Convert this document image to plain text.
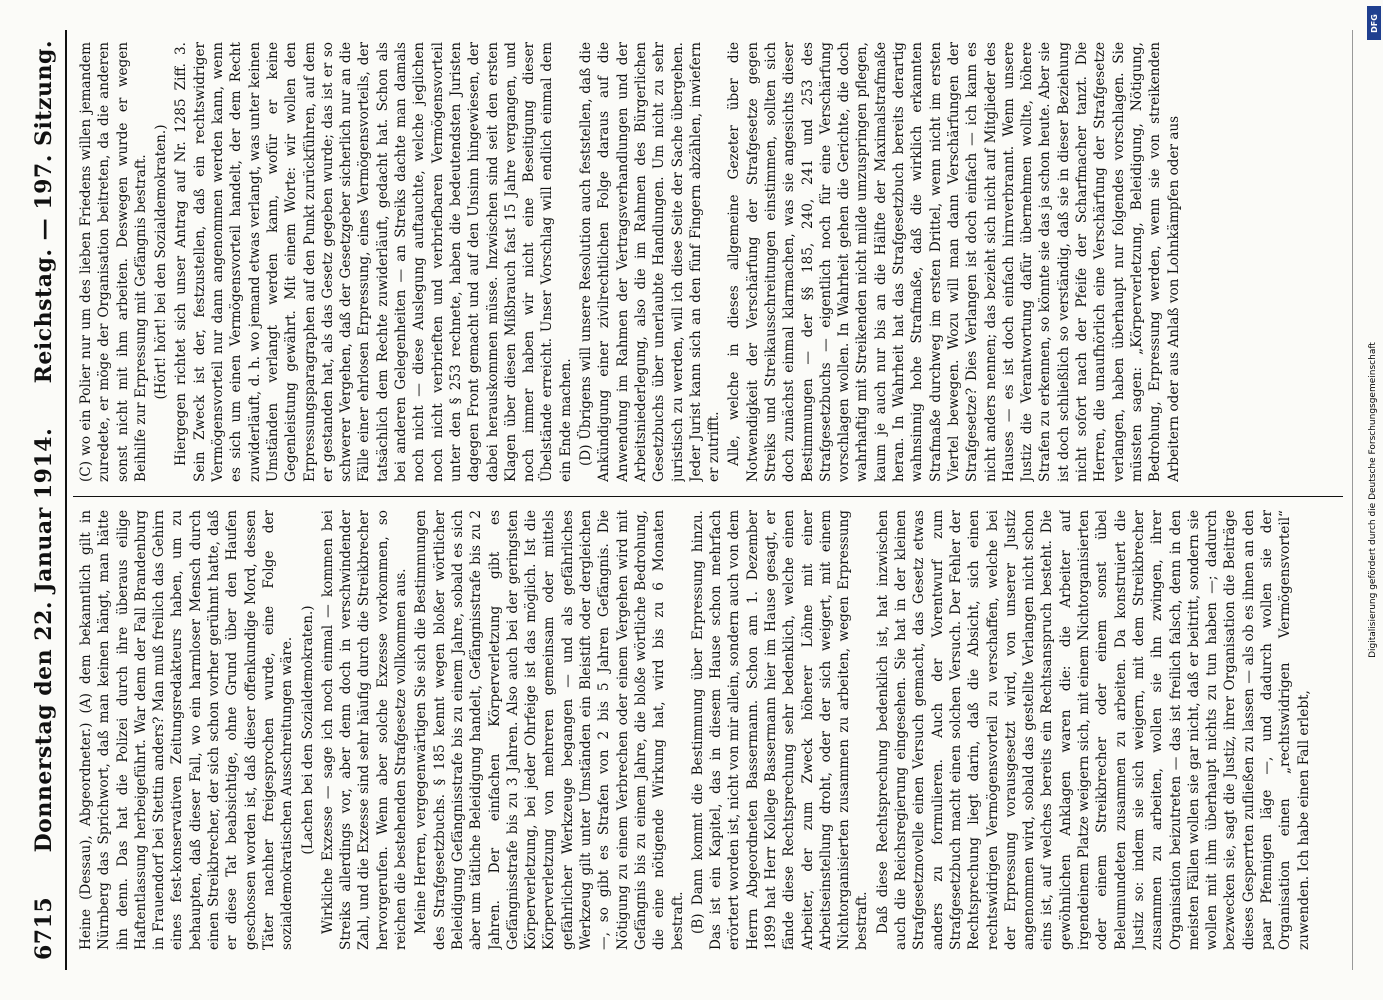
Heine (Dessau), Abgeordneter.) (A) dem bekanntlich gilt in Nürnberg das Sprichwort, daß man keinen hängt, man hätte ihn denn. Das hat die Polizei durch ihre überaus eilige Haftentlassung herbeigeführt. War denn der Fall Brandenburg in Frauendorf bei Stettin anders? Man muß freilich das Gehirn eines fest-konservativen Zeitungsredakteurs haben, um zu behaupten, daß dieser Fall, wo ein harmloser Mensch durch einen Streikbrecher, der sich schon vorher gerühmt hatte, daß er diese Tat beabsichtige, ohne Grund über den Haufen geschossen worden ist, daß dieser offenkundige Mord, dessen Täter nachher freigesprochen wurde, eine Folge der sozialdemokratischen Ausschreitungen wäre. (Lachen bei den Sozialdemokraten.) Wirkliche Exzesse — sage ich noch einmal — kommen bei Streiks allerdings vor, aber denn doch in verschwindender Zahl, und die Exzesse sind sehr häufig durch die Streikbrecher hervorgerufen. Wenn aber solche Exzesse vorkommen, so reichen die bestehenden Strafgesetze vollkommen aus. Meine Herren, vergegenwärtigen Sie sich die Bestimmungen des Strafgesetzbuchs. § 185 kennt wegen bloßer wörtlicher Beleidigung Gefängnisstrafe bis zu einem Jahre, sobald es sich aber um tätliche Beleidigung handelt, Gefängnisstrafe bis zu 2 Jahren. Der einfachen Körperverletzung gibt es Gefängnisstrafe bis zu 3 Jahren. Also auch bei der geringsten Körperverletzung, bei jeder Ohrfeige ist das möglich. Ist die Körperverletzung von mehreren gemeinsam oder mittels gefährlicher Werkzeuge begangen — und als gefährliches Werkzeug gilt unter Umständen ein Bleistift oder dergleichen —, so gibt es Strafen von 2 bis 5 Jahren Gefängnis. Die Nötigung zu einem Verbrechen oder einem Vergehen wird mit Gefängnis bis zu einem Jahre, die bloße wörtliche Bedrohung, die eine nötigende Wirkung hat, wird bis zu 6 Monaten bestraft. (B) Dann kommt die Bestimmung über Erpressung hinzu. Das ist ein Kapitel, das in diesem Hause schon mehrfach erörtert worden ist, nicht von mir allein, sondern auch von dem Herrn Abgeordneten Bassermann. Schon am 1. Dezember 1899 hat Herr Kollege Bassermann hier im Hause gesagt, er fände diese Rechtsprechung sehr bedenklich, welche einen Arbeiter, der zum Zweck höherer Löhne mit einer Arbeitseinstellung droht, oder der sich weigert, mit einem Nichtorganisierten zusammen zu arbeiten, wegen Erpressung bestraft. Daß diese Rechtsprechung bedenklich ist, hat inzwischen auch die Reichsregierung eingesehen. Sie hat in der kleinen Strafgesetznovelle einen Versuch gemacht, das Gesetz etwas anders zu formulieren. Auch der Vorentwurf zum Strafgesetzbuch macht einen solchen Versuch. Der Fehler der Rechtsprechung liegt darin, daß die Absicht, sich einen rechtswidrigen Vermögensvorteil zu verschaffen, welche bei der Erpressung vorausgesetzt wird, von unserer Justiz angenommen wird, sobald das gestellte Verlangen nicht schon eins ist, auf welches bereits ein Rechtsanspruch besteht. Die gewöhnlichen Anklagen waren die: die Arbeiter auf irgendeinem Platze weigern sich, mit einem Nichtorganisierten oder einem Streikbrecher oder einem sonst übel Beleumundeten zusammen zu arbeiten. Da konstruiert die Justiz so: indem sie sich weigern, mit dem Streikbrecher zusammen zu arbeiten, wollen sie ihn zwingen, ihrer Organisation beizutreten — das ist freilich falsch, denn in den meisten Fällen wollen sie gar nicht, daß er beitritt, sondern sie wollen mit ihm überhaupt nichts zu tun haben —; dadurch bezwecken sie, sagt die Justiz, ihrer Organisation die Beiträge dieses Gesperrten zufließen zu lassen — als ob es ihnen an den paar Pfennigen läge —, und dadurch wollen sie der Organisation einen „rechtswidrigen Vermögensvorteil“ zuwenden. Ich habe einen Fall erlebt,

(C) wo ein Polier nur um des lieben Friedens willen jemandem zuredete, er möge der Organisation beitreten, da die anderen sonst nicht mit ihm arbeiten. Deswegen wurde er wegen Beihilfe zur Erpressung mit Gefängnis bestraft. (Hört! hört! bei den Sozialdemokraten.) Hiergegen richtet sich unser Antrag auf Nr. 1285 Ziff. 3. Sein Zweck ist der, festzustellen, daß ein rechtswidriger Vermögensvorteil nur dann angenommen werden kann, wenn es sich um einen Vermögensvorteil handelt, der dem Recht zuwiderläuft, d. h. wo jemand etwas verlangt, was unter keinen Umständen verlangt werden kann, wofür er keine Gegenleistung gewährt. Mit einem Worte: wir wollen den Erpressungsparagraphen auf den Punkt zurückführen, auf dem er gestanden hat, als das Gesetz gegeben wurde; das ist er so schwerer Vergehen, daß der Gesetzgeber sicherlich nur an die Fälle einer ehrlosen Erpressung, eines Vermögensvorteils, der tatsächlich dem Rechte zuwiderläuft, gedacht hat. Schon als bei anderen Gelegenheiten — an Streiks dachte man damals noch nicht — diese Auslegung auftauchte, welche jeglichen noch nicht verbrieften und verbriefbaren Vermögensvorteil unter den § 253 rechnete, haben die bedeutendsten Juristen dagegen Front gemacht und auf den Unsinn hingewiesen, der dabei herauskommen müsse. Inzwischen sind seit den ersten Klagen über diesen Mißbrauch fast 15 Jahre vergangen, und noch immer haben wir nicht eine Beseitigung dieser Übelstände erreicht. Unser Vorschlag will endlich einmal dem ein Ende machen. (D) Übrigens will unsere Resolution auch feststellen, daß die Ankündigung einer zivilrechtlichen Folge daraus auf die Anwendung im Rahmen der Vertragsverhandlungen und der Arbeitsniederlegung, also die im Rahmen des Bürgerlichen Gesetzbuchs über unerlaubte Handlungen. Um nicht zu sehr juristisch zu werden, will ich diese Seite der Sache übergehen. Jeder Jurist kann sich an den fünf Fingern abzählen, inwiefern er zutrifft. Alle, welche in dieses allgemeine Gezeter über die Notwendigkeit der Verschärfung der Strafgesetze gegen Streiks und Streikausschreitungen einstimmen, sollten sich doch zunächst einmal klarmachen, was sie angesichts dieser Bestimmungen — der §§ 185, 240, 241 und 253 des Strafgesetzbuchs — eigentlich noch für eine Verschärfung vorschlagen wollen. In Wahrheit gehen die Gerichte, die doch wahrhaftig mit Streikenden nicht milde umzuspringen pflegen, kaum je auch nur bis an die Hälfte der Maximalstrafmaße heran. In Wahrheit hat das Strafgesetzbuch bereits derartig wahnsinnig hohe Strafmaße, daß die wirklich erkannten Strafmaße durchweg im ersten Drittel, wenn nicht im ersten Viertel bewegen. Wozu will man dann Verschärfungen der Strafgesetze? Dies Verlangen ist doch einfach — ich kann es nicht anders nennen; das bezieht sich nicht auf Mitglieder des Hauses — es ist doch einfach hirnverbrannt. Wenn unsere Justiz die Verantwortung dafür übernehmen wollte, höhere Strafen zu erkennen, so könnte sie das ja schon heute. Aber sie ist doch schließlich so verständig, daß sie in dieser Beziehung nicht sofort nach der Pfeife der Scharfmacher tanzt. Die Herren, die unaufhörlich eine Verschärfung der Strafgesetze verlangen, haben überhaupt nur folgendes vorschlagen. Sie müssten sagen: „Körperverletzung, Beleidigung, Nötigung, Bedrohung, Erpressung werden, wenn sie von streikenden Arbeitern oder aus Anlaß von Lohnkämpfen oder aus

6715
Donnerstag den 22. Januar 1914.
Reichstag. — 197. Sitzung.
DFG
Digitalisierung gefördert durch die Deutsche Forschungsgemeinschaft
